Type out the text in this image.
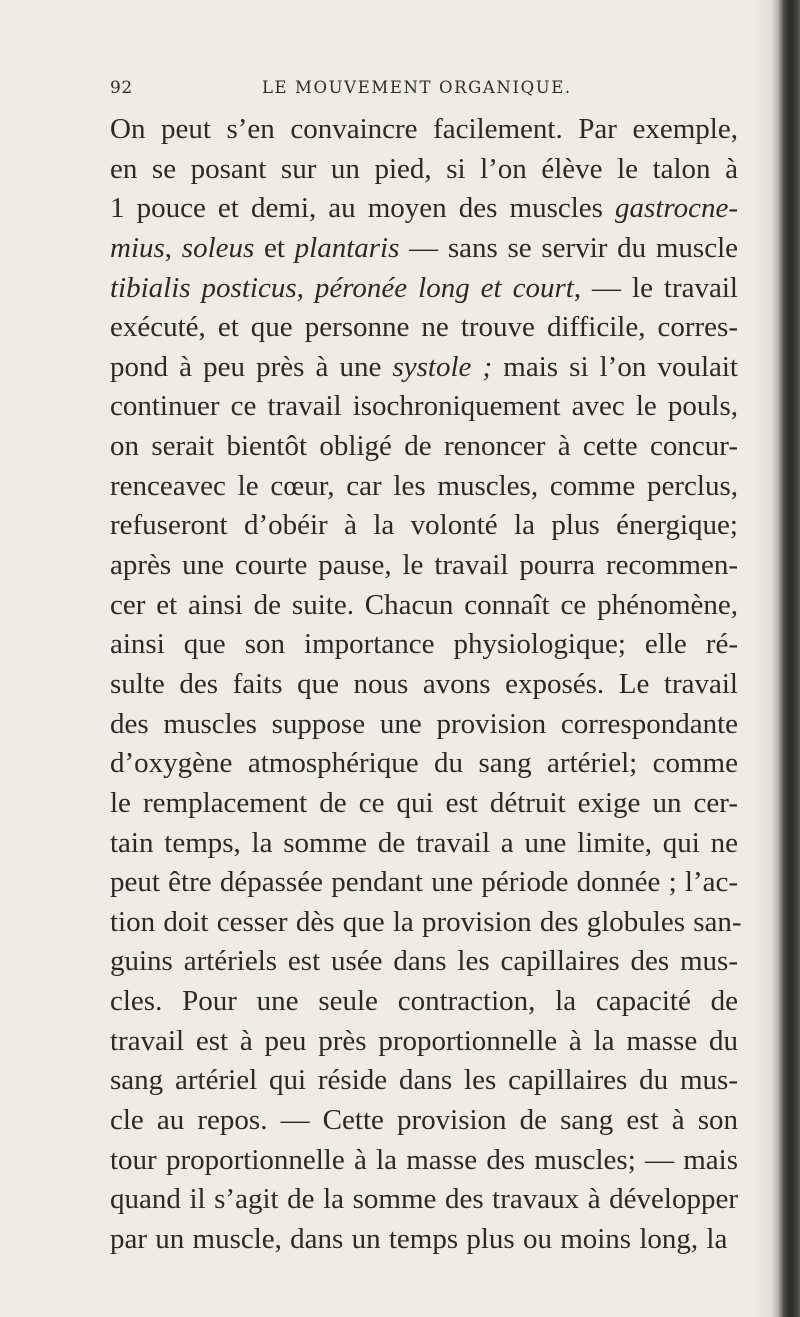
92	LE MOUVEMENT ORGANIQUE.
On peut s’en convaincre facilement. Par exemple,
en se posant sur un pied, si l’on élève le talon à
1 pouce et demi, au moyen des muscles gastrocne-
mius, soleus et plantaris — sans se servir du muscle
tibialis posticus, péronée long et court, — le travail
exécuté, et que personne ne trouve difficile, corres-
pond à peu près à une systole ; mais si l’on voulait
continuer ce travail isochroniquement avec le pouls,
on serait bientôt obligé de renoncer à cette concur-
renceavec le cœur, car les muscles, comme perclus,
refuseront d’obéir à la volonté la plus énergique;
après une courte pause, le travail pourra recommen-
cer et ainsi de suite. Chacun connaît ce phénomène,
ainsi que son importance physiologique; elle ré-
sulte des faits que nous avons exposés. Le travail
des muscles suppose une provision correspondante
d’oxygène atmosphérique du sang artériel; comme
le remplacement de ce qui est détruit exige un cer-
tain temps, la somme de travail a une limite, qui ne
peut être dépassée pendant une période donnée ; l’ac-
tion doit cesser dès que la provision des globules san-
guins artériels est usée dans les capillaires des mus-
cles. Pour une seule contraction, la capacité de
travail est à peu près proportionnelle à la masse du
sang artériel qui réside dans les capillaires du mus-
cle au repos. — Cette provision de sang est à son
tour proportionnelle à la masse des muscles; — mais
quand il s’agit de la somme des travaux à développer
par un muscle, dans un temps plus ou moins long, la
